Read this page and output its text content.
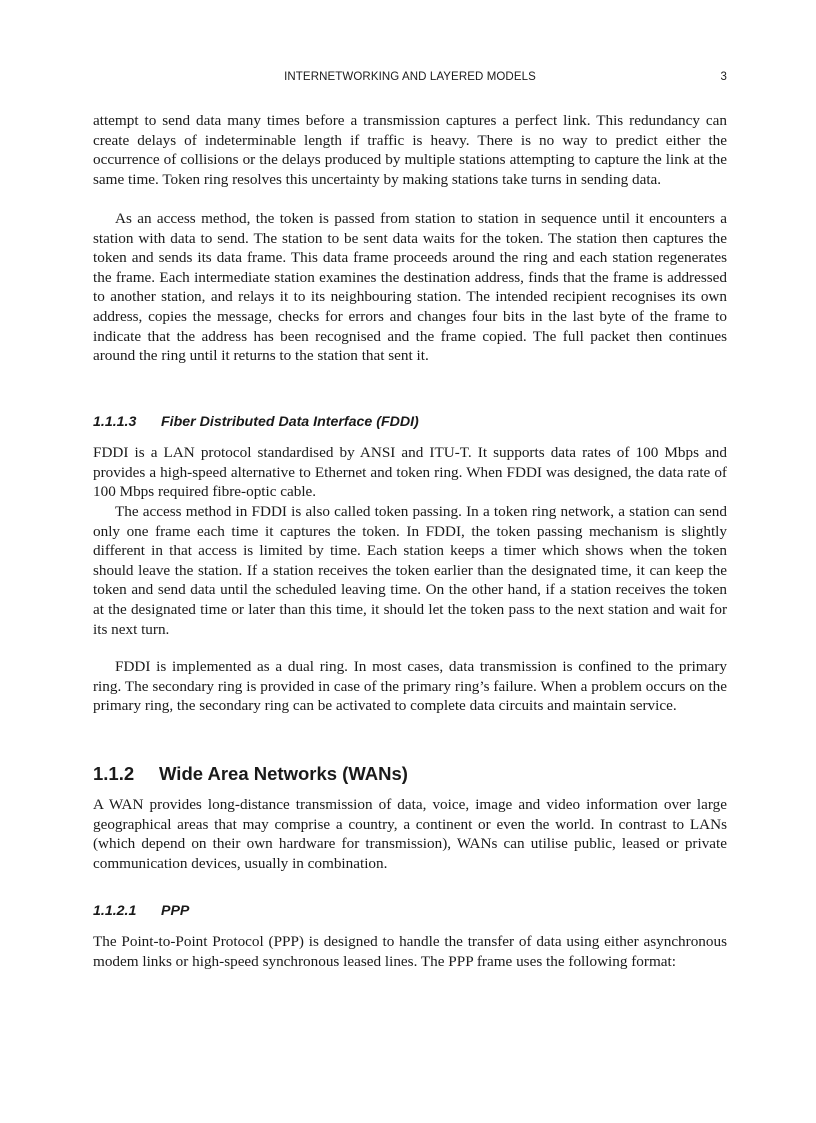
INTERNETWORKING AND LAYERED MODELS	3

attempt to send data many times before a transmission captures a perfect link. This redundancy can create delays of indeterminable length if traffic is heavy. There is no way to predict either the occurrence of collisions or the delays produced by multiple stations attempting to capture the link at the same time. Token ring resolves this uncertainty by making stations take turns in sending data.

As an access method, the token is passed from station to station in sequence until it encounters a station with data to send. The station to be sent data waits for the token. The station then captures the token and sends its data frame. This data frame proceeds around the ring and each station regenerates the frame. Each intermediate station examines the destination address, finds that the frame is addressed to another station, and relays it to its neighbouring station. The intended recipient recognises its own address, copies the message, checks for errors and changes four bits in the last byte of the frame to indicate that the address has been recognised and the frame copied. The full packet then continues around the ring until it returns to the station that sent it.

1.1.1.3 Fiber Distributed Data Interface (FDDI)

FDDI is a LAN protocol standardised by ANSI and ITU-T. It supports data rates of 100 Mbps and provides a high-speed alternative to Ethernet and token ring. When FDDI was designed, the data rate of 100 Mbps required fibre-optic cable.

The access method in FDDI is also called token passing. In a token ring network, a station can send only one frame each time it captures the token. In FDDI, the token passing mechanism is slightly different in that access is limited by time. Each station keeps a timer which shows when the token should leave the station. If a station receives the token earlier than the designated time, it can keep the token and send data until the scheduled leaving time. On the other hand, if a station receives the token at the designated time or later than this time, it should let the token pass to the next station and wait for its next turn.

FDDI is implemented as a dual ring. In most cases, data transmission is confined to the primary ring. The secondary ring is provided in case of the primary ring’s failure. When a problem occurs on the primary ring, the secondary ring can be activated to complete data circuits and maintain service.

1.1.2 Wide Area Networks (WANs)

A WAN provides long-distance transmission of data, voice, image and video information over large geographical areas that may comprise a country, a continent or even the world. In contrast to LANs (which depend on their own hardware for transmission), WANs can utilise public, leased or private communication devices, usually in combination.

1.1.2.1 PPP

The Point-to-Point Protocol (PPP) is designed to handle the transfer of data using either asynchronous modem links or high-speed synchronous leased lines. The PPP frame uses the following format:
